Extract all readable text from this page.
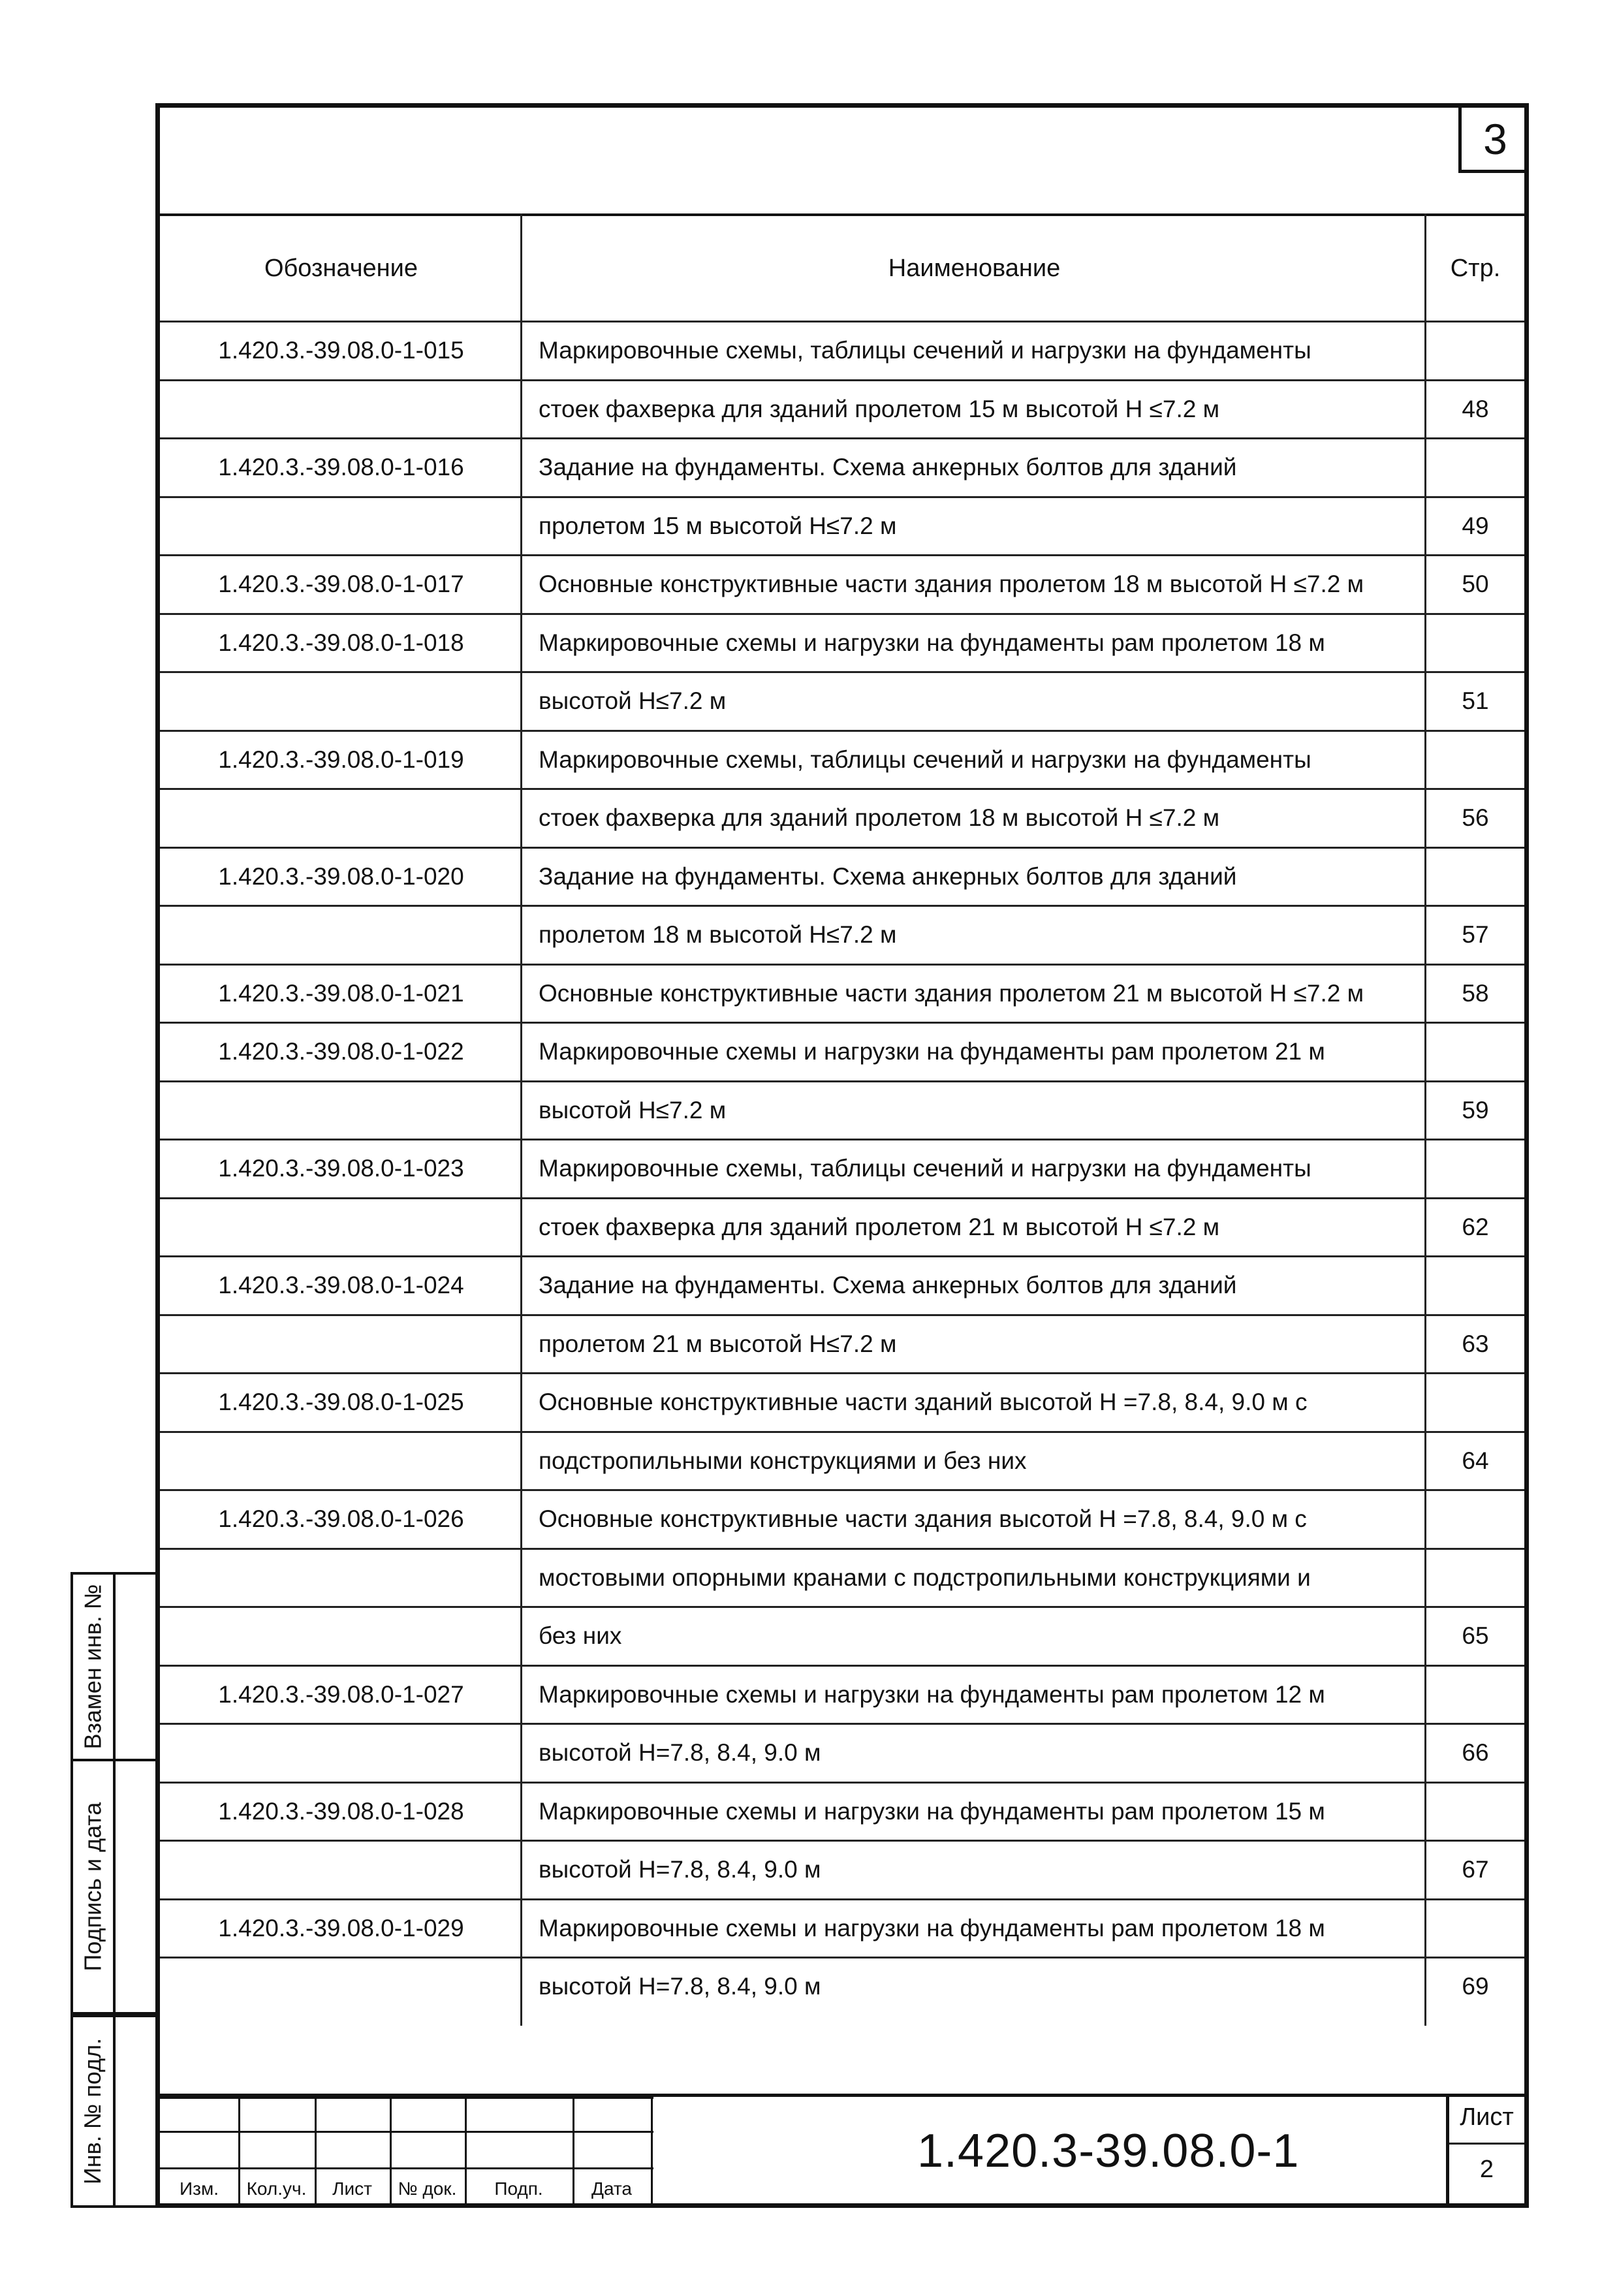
3
Обозначение	Наименование	Стр.
1.420.3.-39.08.0-1-015	Маркировочные схемы, таблицы сечений и нагрузки на фундаменты
стоек фахверка для зданий пролетом 15 м высотой Н ≤7.2 м	48
1.420.3.-39.08.0-1-016	Задание на фундаменты. Схема анкерных болтов для зданий
пролетом 15 м высотой Н≤7.2 м	49
1.420.3.-39.08.0-1-017	Основные конструктивные части здания пролетом 18 м высотой Н ≤7.2 м	50
1.420.3.-39.08.0-1-018	Маркировочные схемы и нагрузки на фундаменты рам пролетом 18 м
высотой Н≤7.2 м	51
1.420.3.-39.08.0-1-019	Маркировочные схемы, таблицы сечений и нагрузки на фундаменты
стоек фахверка для зданий пролетом 18 м высотой Н ≤7.2 м	56
1.420.3.-39.08.0-1-020	Задание на фундаменты. Схема анкерных болтов для зданий
пролетом 18 м высотой Н≤7.2 м	57
1.420.3.-39.08.0-1-021	Основные конструктивные части здания пролетом 21 м высотой Н ≤7.2 м	58
1.420.3.-39.08.0-1-022	Маркировочные схемы и нагрузки на фундаменты рам пролетом 21 м
высотой Н≤7.2 м	59
1.420.3.-39.08.0-1-023	Маркировочные схемы, таблицы сечений и нагрузки на фундаменты
стоек фахверка для зданий пролетом 21 м высотой Н ≤7.2 м	62
1.420.3.-39.08.0-1-024	Задание на фундаменты. Схема анкерных болтов для зданий
пролетом 21 м высотой Н≤7.2 м	63
1.420.3.-39.08.0-1-025	Основные конструктивные части зданий высотой Н =7.8, 8.4, 9.0 м с
подстропильными конструкциями и без них	64
1.420.3.-39.08.0-1-026	Основные конструктивные части здания высотой Н =7.8, 8.4, 9.0 м с
мостовыми опорными кранами с подстропильными конструкциями и
без них	65
1.420.3.-39.08.0-1-027	Маркировочные схемы и нагрузки на фундаменты рам пролетом 12 м
высотой Н=7.8, 8.4, 9.0 м	66
1.420.3.-39.08.0-1-028	Маркировочные схемы и нагрузки на фундаменты рам пролетом 15 м
высотой Н=7.8, 8.4, 9.0 м	67
1.420.3.-39.08.0-1-029	Маркировочные схемы и нагрузки на фундаменты рам пролетом 18 м
высотой Н=7.8, 8.4, 9.0 м	69
Изм.	Кол.уч.	Лист	№ док.	Подп.	Дата
1.420.3-39.08.0-1
Лист
2
Взамен инв. №
Подпись и дата
Инв. № подл.
